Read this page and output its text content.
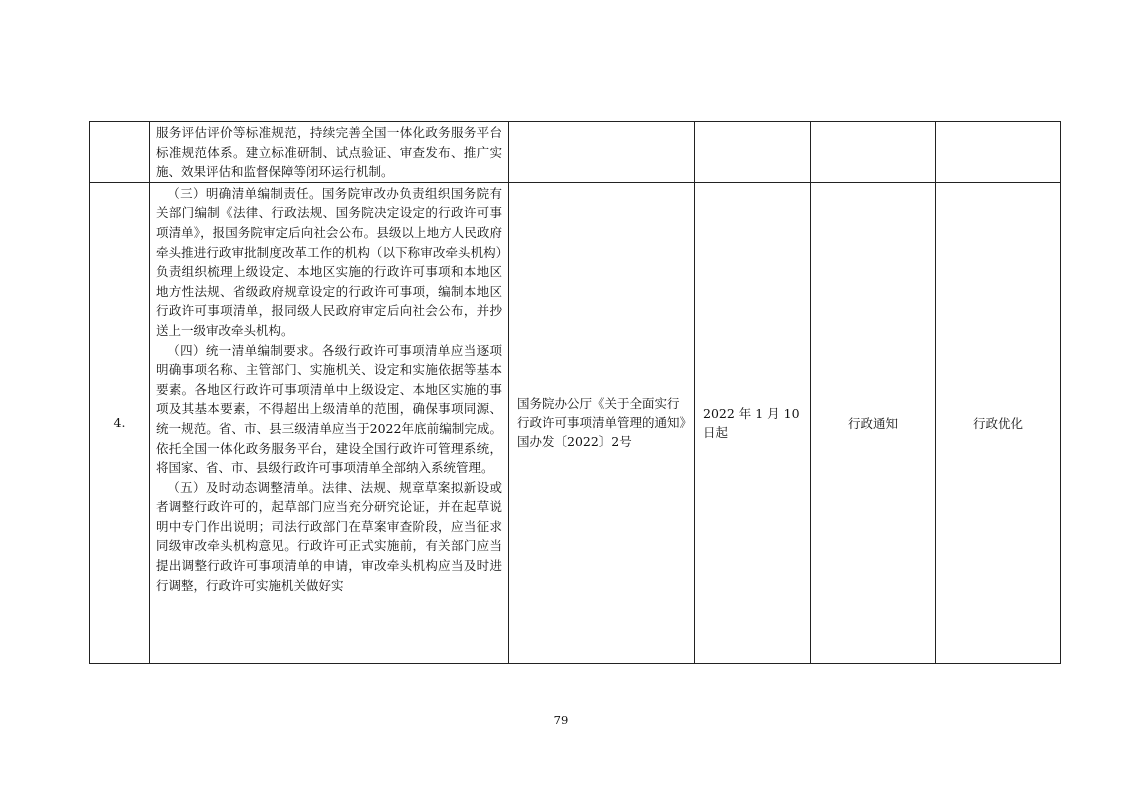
	服务评估评价等标准规范，持续完善全国一体化政务服务平台标准规范体系。建立标准研制、试点验证、审查发布、推广实施、效果评估和监督保障等闭环运行机制。				

4.	（三）明确清单编制责任。国务院审改办负责组织国务院有关部门编制《法律、行政法规、国务院决定设定的行政许可事项清单》，报国务院审定后向社会公布。县级以上地方人民政府牵头推进行政审批制度改革工作的机构（以下称审改牵头机构）负责组织梳理上级设定、本地区实施的行政许可事项和本地区地方性法规、省级政府规章设定的行政许可事项，编制本地区行政许可事项清单，报同级人民政府审定后向社会公布，并抄送上一级审改牵头机构。
（四）统一清单编制要求。各级行政许可事项清单应当逐项明确事项名称、主管部门、实施机关、设定和实施依据等基本要素。各地区行政许可事项清单中上级设定、本地区实施的事项及其基本要素，不得超出上级清单的范围，确保事项同源、统一规范。省、市、县三级清单应当于2022年底前编制完成。依托全国一体化政务服务平台，建设全国行政许可管理系统，将国家、省、市、县级行政许可事项清单全部纳入系统管理。
（五）及时动态调整清单。法律、法规、规章草案拟新设或者调整行政许可的，起草部门应当充分研究论证，并在起草说明中专门作出说明；司法行政部门在草案审查阶段，应当征求同级审改牵头机构意见。行政许可正式实施前，有关部门应当提出调整行政许可事项清单的申请，审改牵头机构应当及时进行调整，行政许可实施机关做好实	国务院办公厅《关于全面实行行政许可事项清单管理的通知》国办发〔2022〕2号	2022 年 1 月 10 日起	行政通知	行政优化
79
